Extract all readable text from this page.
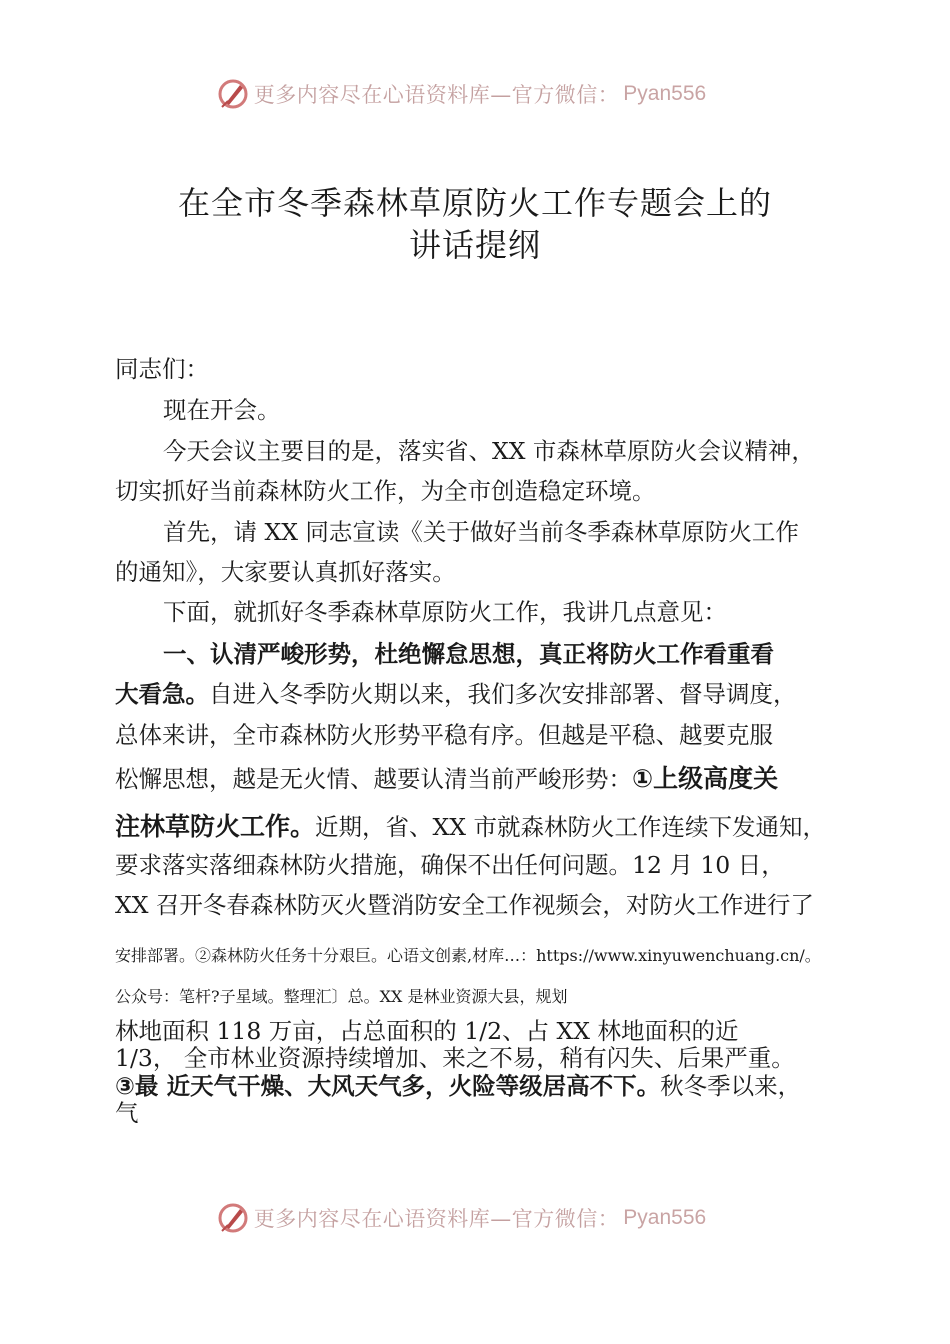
更多内容尽在心语资料库—官方微信： Pyan556
在全市冬季森林草原防火工作专题会上的
讲话提纲
同志们：
现在开会。
今天会议主要目的是，落实省、XX 市森林草原防火会议精神，
切实抓好当前森林防火工作，为全市创造稳定环境。
首先，请 XX 同志宣读《关于做好当前冬季森林草原防火工作
的通知》，大家要认真抓好落实。
下面，就抓好冬季森林草原防火工作，我讲几点意见：
一、认清严峻形势，杜绝懈怠思想，真正将防火工作看重看
大看急。自进入冬季防火期以来，我们多次安排部署、督导调度，
总体来讲，全市森林防火形势平稳有序。但越是平稳、越要克服
松懈思想，越是无火情、越要认清当前严峻形势：①上级高度关
注林草防火工作。近期，省、XX 市就森林防火工作连续下发通知，
要求落实落细森林防火措施，确保不出任何问题。12 月 10 日，
XX 召开冬春森林防灭火暨消防安全工作视频会，对防火工作进行了
安排部署。②森林防火任务十分艰巨。心语文创素,材库…：https://www.xinyuwenchuang.cn/。
公众号：笔杆?子星域。整理汇〕总。XX 是林业资源大县，规划
林地面积 118 万亩，占总面积的 1/2、占 XX 林地面积的近
1/3， 全市林业资源持续增加、来之不易，稍有闪失、后果严重。
③最 近天气干燥、大风天气多，火险等级居高不下。秋冬季以来，
气
更多内容尽在心语资料库—官方微信： Pyan556
